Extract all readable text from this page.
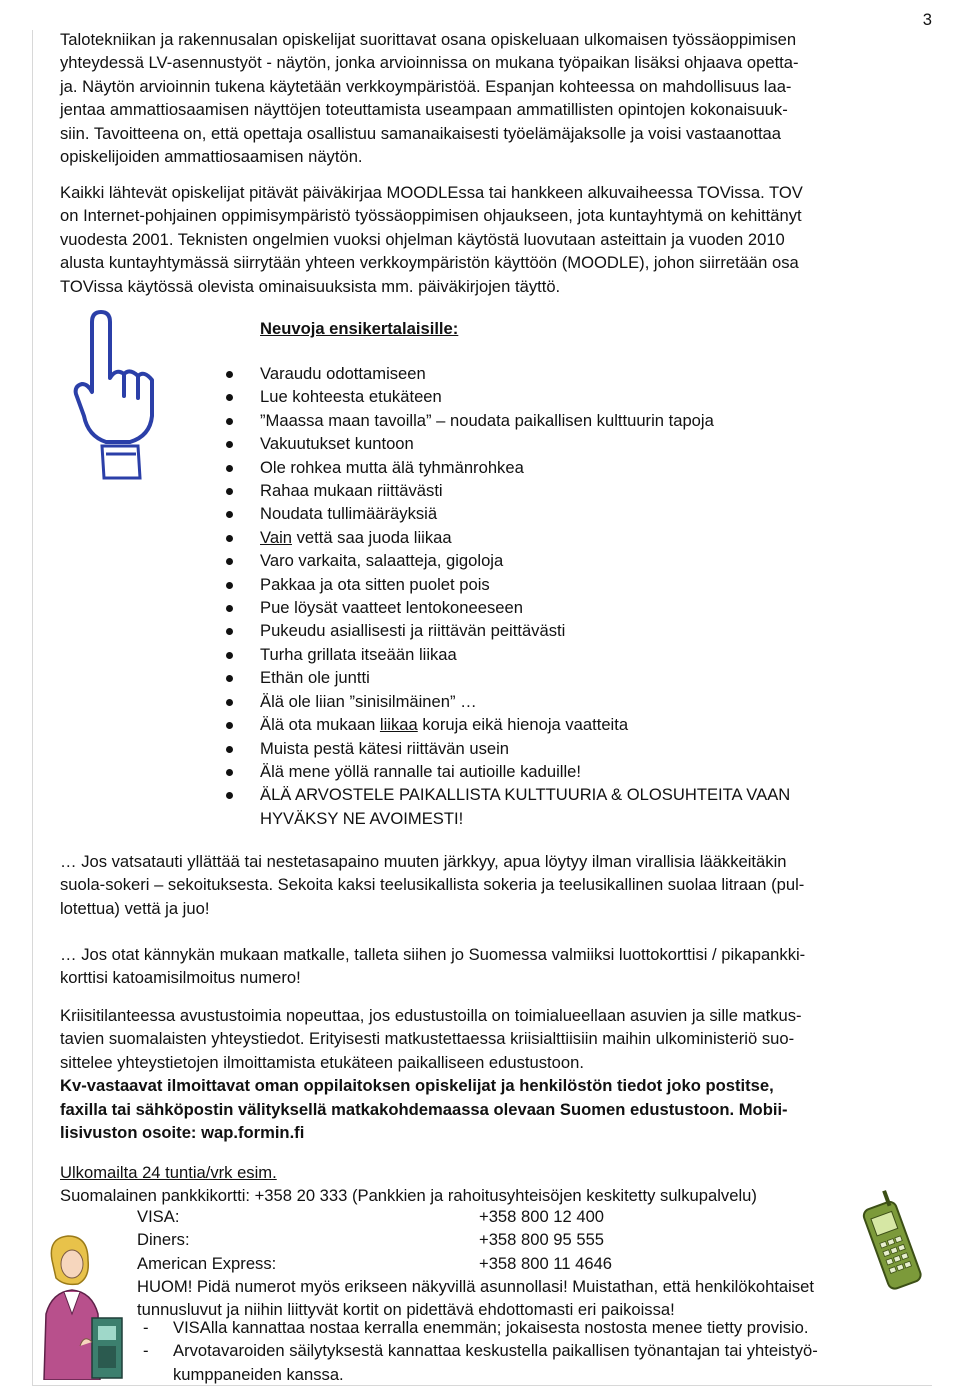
3
Talotekniikan ja rakennusalan opiskelijat suorittavat osana opiskeluaan ulkomaisen työssäoppimisen
yhteydessä LV-asennustyöt - näytön, jonka arvioinnissa on mukana työpaikan lisäksi ohjaava opetta-
ja. Näytön arvioinnin tukena käytetään verkkoympäristöä. Espanjan kohteessa on mahdollisuus laa-
jentaa ammattiosaamisen näyttöjen toteuttamista useampaan ammatillisten opintojen kokonaisuuk-
siin. Tavoitteena on, että opettaja osallistuu samanaikaisesti työelämäjaksolle ja voisi vastaanottaa
opiskelijoiden ammattiosaamisen näytön.
Kaikki lähtevät opiskelijat pitävät päiväkirjaa MOODLEssa tai hankkeen alkuvaiheessa TOVissa. TOV
on Internet-pohjainen oppimisympäristö työssäoppimisen ohjaukseen, jota kuntayhtymä on kehittänyt
vuodesta 2001. Teknisten ongelmien vuoksi ohjelman käytöstä luovutaan asteittain ja vuoden 2010
alusta kuntayhtymässä siirrytään yhteen verkkoympäristön käyttöön (MOODLE), johon siirretään osa
TOVissa käytössä olevista ominaisuuksista mm. päiväkirjojen täyttö.
Neuvoja ensikertalaisille:
Varaudu odottamiseen
Lue kohteesta etukäteen
”Maassa maan tavoilla” – noudata paikallisen kulttuurin tapoja
Vakuutukset kuntoon
Ole rohkea mutta älä tyhmänrohkea
Rahaa mukaan riittävästi
Noudata tullimääräyksiä
Vain vettä saa juoda liikaa
Varo varkaita, salaatteja, gigoloja
Pakkaa ja ota sitten puolet pois
Pue löysät vaatteet lentokoneeseen
Pukeudu asiallisesti ja riittävän peittävästi
Turha grillata itseään liikaa
Ethän ole juntti
Älä ole liian ”sinisilmäinen” …
Älä ota mukaan liikaa koruja eikä hienoja vaatteita
Muista pestä kätesi riittävän usein
Älä mene yöllä rannalle tai autioille kaduille!
ÄLÄ ARVOSTELE PAIKALLISTA KULTTUURIA & OLOSUHTEITA VAAN
HYVÄKSY NE AVOIMESTI!
… Jos vatsatauti yllättää tai nestetasapaino muuten järkkyy, apua löytyy ilman virallisia lääkkeitäkin
suola-sokeri – sekoituksesta. Sekoita kaksi teelusikallista sokeria ja teelusikallinen suolaa litraan (pul-
lotettua) vettä ja juo!
… Jos otat kännykän mukaan matkalle, talleta siihen jo Suomessa valmiiksi luottokorttisi / pikapankki-
korttisi katoamisilmoitus numero!
Kriisitilanteessa avustustoimia nopeuttaa, jos edustustoilla on toimialueellaan asuvien ja sille matkus-
tavien suomalaisten yhteystiedot. Erityisesti matkustettaessa kriisialttiisiin maihin ulkoministeriö suo-
sittelee yhteystietojen ilmoittamista etukäteen paikalliseen edustustoon.
Kv-vastaavat ilmoittavat oman oppilaitoksen opiskelijat ja henkilöstön tiedot joko postitse,
faxilla tai sähköpostin välityksellä matkakohdemaassa olevaan Suomen edustustoon. Mobii-
lisivuston osoite: wap.formin.fi
Ulkomailta 24 tuntia/vrk esim.
Suomalainen pankkikortti: +358 20 333 (Pankkien ja rahoitusyhteisöjen keskitetty sulkupalvelu)
VISA:	+358 800 12 400
Diners:	+358 800 95 555
American Express:	+358 800 11 4646
HUOM! Pidä numerot myös erikseen näkyvillä asunnollasi! Muistathan, että henkilökohtaiset
tunnusluvut ja niihin liittyvät kortit on pidettävä ehdottomasti eri paikoissa!
- VISAlla kannattaa nostaa kerralla enemmän; jokaisesta nostosta menee tietty provisio.
- Arvotavaroiden säilytyksestä kannattaa keskustella paikallisen työnantajan tai yhteistyö-
kumppaneiden kanssa.
